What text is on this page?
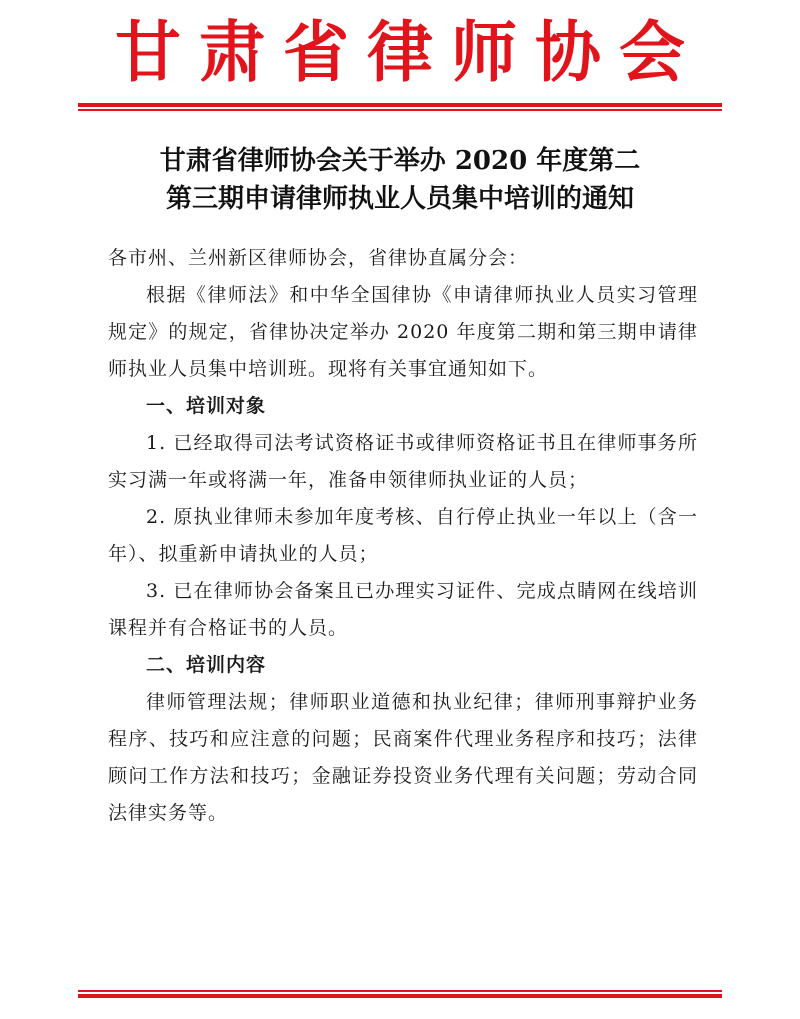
甘肃省律师协会
甘肃省律师协会关于举办 2020 年度第二
第三期申请律师执业人员集中培训的通知

各市州、兰州新区律师协会，省律协直属分会：

根据《律师法》和中华全国律协《申请律师执业人员实习管理规定》的规定，省律协决定举办 2020 年度第二期和第三期申请律师执业人员集中培训班。现将有关事宜通知如下。

一、培训对象

1. 已经取得司法考试资格证书或律师资格证书且在律师事务所实习满一年或将满一年，准备申领律师执业证的人员；

2. 原执业律师未参加年度考核、自行停止执业一年以上（含一年）、拟重新申请执业的人员；

3. 已在律师协会备案且已办理实习证件、完成点睛网在线培训课程并有合格证书的人员。

二、培训内容

律师管理法规；律师职业道德和执业纪律；律师刑事辩护业务程序、技巧和应注意的问题；民商案件代理业务程序和技巧；法律顾问工作方法和技巧；金融证券投资业务代理有关问题；劳动合同法律实务等。
